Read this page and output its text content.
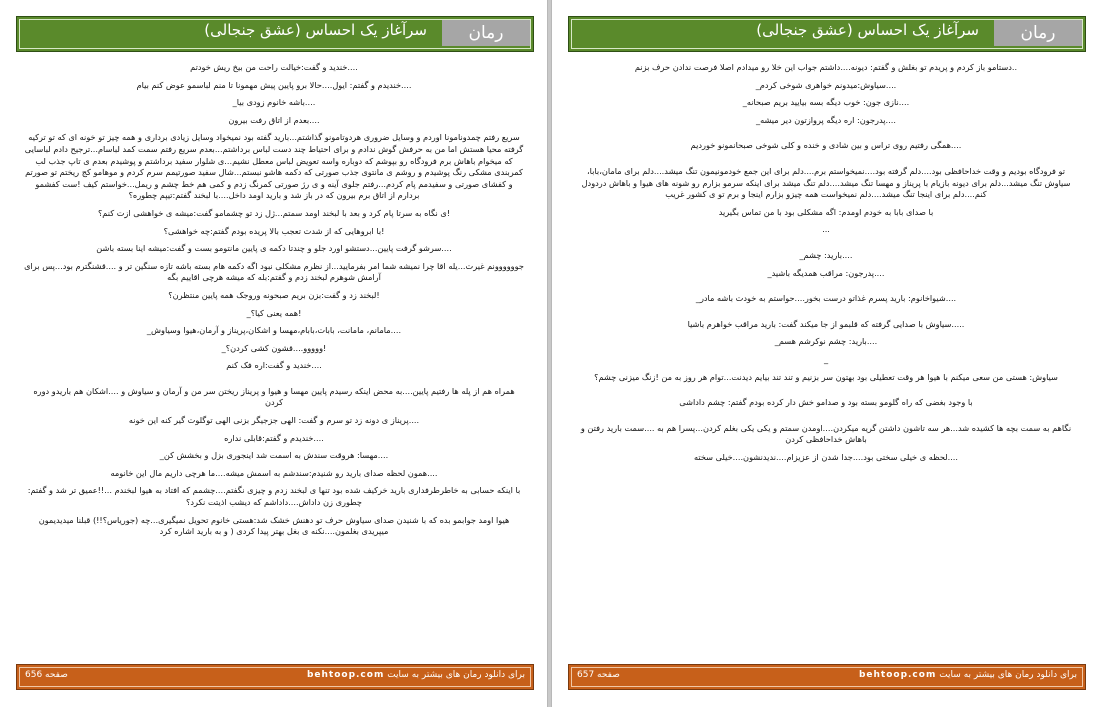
سرآغاز یک احساس (عشق جنجالی)	رمان

....خندید و گفت:خیالت راحت من بیخ ریش خودتم

....خندیدم و گفتم: ایول....حالا برو پایین پیش مهمونا تا منم لباسمو عوض کنم بیام

....باشه خانوم زودی بیا_

....بعدم از اتاق رفت بیرون

سریع رفتم چمدونامونا اوردم و وسایل ضروری هردوتامونو گذاشتم...بارید گفته بود نمیخواد وسایل زیادی برداری و همه چیز تو خونه ای که تو ترکیه گرفته محیا هستش اما من به حرفش گوش ندادم و برای احتیاط چند دست لباس برداشتم...بعدم سریع رفتم سمت کمد لباسام...ترجیح دادم لباسایی که میخوام باهاش برم فرودگاه رو بپوشم که دوباره واسه تعویض لباس معطل نشیم...ی شلوار سفید برداشتم و پوشیدم بعدم ی تاپ جذب لب کمربندی مشکی رنگ پوشیدم و روشم ی مانتوی جذب صورتی که دکمه هاشو نبستم...شال سفید صورتیمم سرم کردم و موهامو کج ریختم تو صورتم و کفشای صورتی و سفیدمم پام کردم...رفتم جلوی آینه و ی رژ صورتی کمرنگ زدم و کمی هم خط چشم و ریمل...خواستم کیف !ست کفشمو بردارم از اتاق برم بیرون که در باز شد و بارید اومد داخل....با لبخند گفتم:تیپم چطوره؟

!ی نگاه به سرتا پام کرد و بعد با لبخند اومد سمتم...ژل زد تو چشمامو گفت:میشه ی خواهشی ازت کنم؟

!با ابروهایی که از شدت تعجب بالا پریده بودم گفتم:چه خواهشی؟

....سرشو گرفت پایین...دستشو اورد جلو و چندتا دکمه ی پایین مانتومو بست و گفت:میشه اینا بسته باشن

جوووووونم غیرت...یله اقا چرا نمیشه شما امر بفرمایید...از نظرم مشکلی نبود اگه دکمه هام بسته باشه تازه سنگین تر و ....قشنگترم بود...پس برای آرامش شوهرم لبخند زدم و گفتم:بله که میشه هرچی اقاییم بگه

!لبخند زد و گفت:بزن بریم صبحونه وروجک همه پایین منتظرن؟

!همه یعنی کیا؟_

....مامانم، مامانت، بابات،بابام،مهسا و اشکان،پریناز و آرمان،هیوا وسیاوش_

!ووووو....قشون کشی کردن؟_

....خندید و گفت:اره فک کنم

همراه هم از پله ها رفتیم پایین....به محض اینکه رسیدم پایین مهسا و هیوا و پریناز ریختن سر من و آرمان و سیاوش و ....اشکان هم باریدو دوره کردن

....پریناز ی دونه زد تو سرم و گفت: الهی جزجیگر بزنی الهی توگلوت گیر کنه این خونه

....خندیدم و گفتم:قابلی نداره

....مهسا: هروقت سندش به اسمت شد اینجوری بزل و بخشش کن_

....همون لحظه صدای بارید رو شنیدم:سندشم به اسمش میشه....ما هرچی داریم مال این خانومه

با اینکه حسابی به خاطرطرفداری بارید خرکیف شده بود تنها ی لبخند زدم و چیزی نگفتم....چشمم که افتاد به هیوا لبخندم ...!!عمیق تر شد و گفتم: چطوری زن داداش....داداشم که دیشب اذیتت نکرد؟

هیوا اومد جوابمو بده که با شنیدن صدای سیاوش حرف تو دهنش خشک شد:هستی خانوم تحویل نمیگیری...چه (جوریاس؟!!) قبلنا میدیدیمون میپریدی بغلمون....نکنه ی بغل بهتر پیدا کردی ( و به بارید اشاره کرد

صفحه 656	برای دانلود رمان های بیشتر به سایت behtoop.com
سرآغاز یک احساس (عشق جنجالی)	رمان

..دستامو باز کردم و پریدم تو بغلش و گفتم: دیونه....داشتم جواب این خلا رو میدادم اصلا فرصت ندادن حرف بزنم

....سیاوش:میدونم خواهری شوخی کردم_

....نازی جون: خوب دیگه بسه بیایید بریم صبحانه_

....پدرجون: اره دیگه پروازتون دیر میشه_

....همگی رفتیم روی تراس و بین شادی و خنده و کلی شوخی صبحانمونو خوردیم

تو فرودگاه بودیم و وقت خداحافظی بود....دلم گرفته بود....نمیخواستم برم....دلم برای این جمع خودمونیمون تنگ میشد....دلم برای مامان،بابا، سیاوش تنگ میشد...دلم برای دیونه بازیام با پریناز و مهسا تنگ میشد....دلم تنگ میشد برای اینکه سرمو بزارم رو شونه های هیوا و باهاش دردودل کنم....دلم برای اینجا تنگ میشد....دلم نمیخواست همه چیزو بزارم اینجا و برم تو ی کشور غریب

با صدای بابا به خودم اومدم: اگه مشکلی بود با من تماس بگیرید

...

....بارید: چشم_

....پدرجون: مراقب همدیگه باشید_

....شیواخانوم: بارید پسرم غذاتو درست بخور....حواستم به خودت باشه مادر_

.....سیاوش با صدایی گرفته که قلبمو از جا میکند گفت: بارید مراقب خواهرم باشیا

....بارید: چشم نوکرشم هسم_

_

سیاوش: هستی من سعی میکنم با هیوا هر وقت تعطیلی بود بهتون سر بزنیم و تند تند بیایم دیدنت...توام هر روز به من !زنگ میزنی چشم؟

با وجود بغضی که راه گلومو بسته بود و صدامو خش دار کرده بودم گفتم: چشم داداشی

نگاهم به سمت بچه ها کشیده شد...هر سه تاشون داشتن گریه میکردن....اومدن سمتم و یکی یکی بغلم کردن...پسرا هم به ....سمت بارید رفتن و باهاش خداحافظی کردن

....لحظه ی خیلی سختی بود....جدا شدن از عزیزام....ندیدنشون....خیلی سخته

صفحه 657	برای دانلود رمان های بیشتر به سایت behtoop.com
